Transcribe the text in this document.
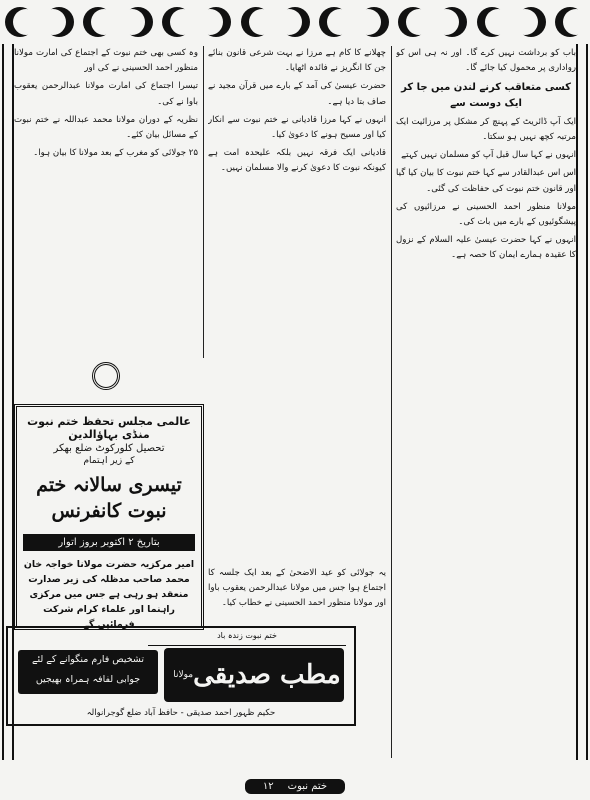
باب کو برداشت نہیں کرے گا۔ اور نہ ہی اس کو رواداری پر محمول کیا جائے گا۔

کسی متعاقب کرنے لندن میں جا کر ایک دوست سے

ایک آپ ڈائریٹ کے پہنچ کر مشکل پر مرزائیت ایک مرتبہ کچھ نہیں ہو سکتا۔

انہوں نے کہا سال قبل آپ کو مسلمان نہیں کہتے

اس اس عبدالقادر سے کہا ختم نبوت کا بیان کیا گیا اور قانون ختم نبوت کی حفاظت کی گئی۔

مولانا منظور احمد الحسینی نے مرزائیوں کی پیشگوئیوں کے بارے میں بات کی۔

انہوں نے کہا حضرت عیسیٰ علیہ السلام کے نزول کا عقیدہ ہمارے ایمان کا حصہ ہے۔

چھلانے کا کام ہے مرزا نے بہت شرعی قانون بنائے جن کا انگریز نے فائدہ اٹھایا۔

حضرت عیسیٰ کی آمد کے بارے میں قرآن مجید نے صاف بتا دیا ہے۔

انہوں نے کہا مرزا قادیانی نے ختم نبوت سے انکار کیا اور مسیح ہونے کا دعویٰ کیا۔

قادیانی ایک فرقہ نہیں بلکہ علیحدہ امت ہے کیونکہ نبوت کا دعویٰ کرنے والا مسلمان نہیں۔

وہ کسی بھی ختم نبوت کے اجتماع کی امارت مولانا منظور احمد الحسینی نے کی اور

تیسرا اجتماع کی امارت مولانا عبدالرحمن یعقوب باوا نے کی۔

نظریہ کے دوران مولانا محمد عبداللہ نے ختم نبوت کے مسائل بیان کئے۔

۲۵ جولائی کو مغرب کے بعد مولانا کا بیان ہوا۔

عالمی مجلس تحفظ ختم نبوت منڈی بہاؤالدین
تحصیل کلورکوٹ ضلع بھکر
کے زیر اہتمام
تیسری سالانہ ختم نبوت کانفرنس
بتاریخ ۲ اکتوبر بروز اتوار
امیر مرکزیہ حضرت مولانا خواجہ خان محمد صاحب مدظلہ کی زیر صدارت منعقد ہو رہی ہے جس میں مرکزی راہنما اور علماء کرام شرکت فرمائیں گے
یہ جولائی کو عید الاضحیٰ کے بعد ایک جلسہ کا اجتماع ہوا جس میں مولانا عبدالرحمن یعقوب باوا اور مولانا منظور احمد الحسینی نے خطاب کیا۔
ختم نبوت زندہ باد
مولانا مطب صدیقی
تشخیص فارم منگوانے کے لئے
جوابی لفافہ ہمراہ بھیجیں
حکیم ظہور احمد صدیقی - حافظ آباد ضلع گوجرانوالہ
۱۲ ختم نبوت
